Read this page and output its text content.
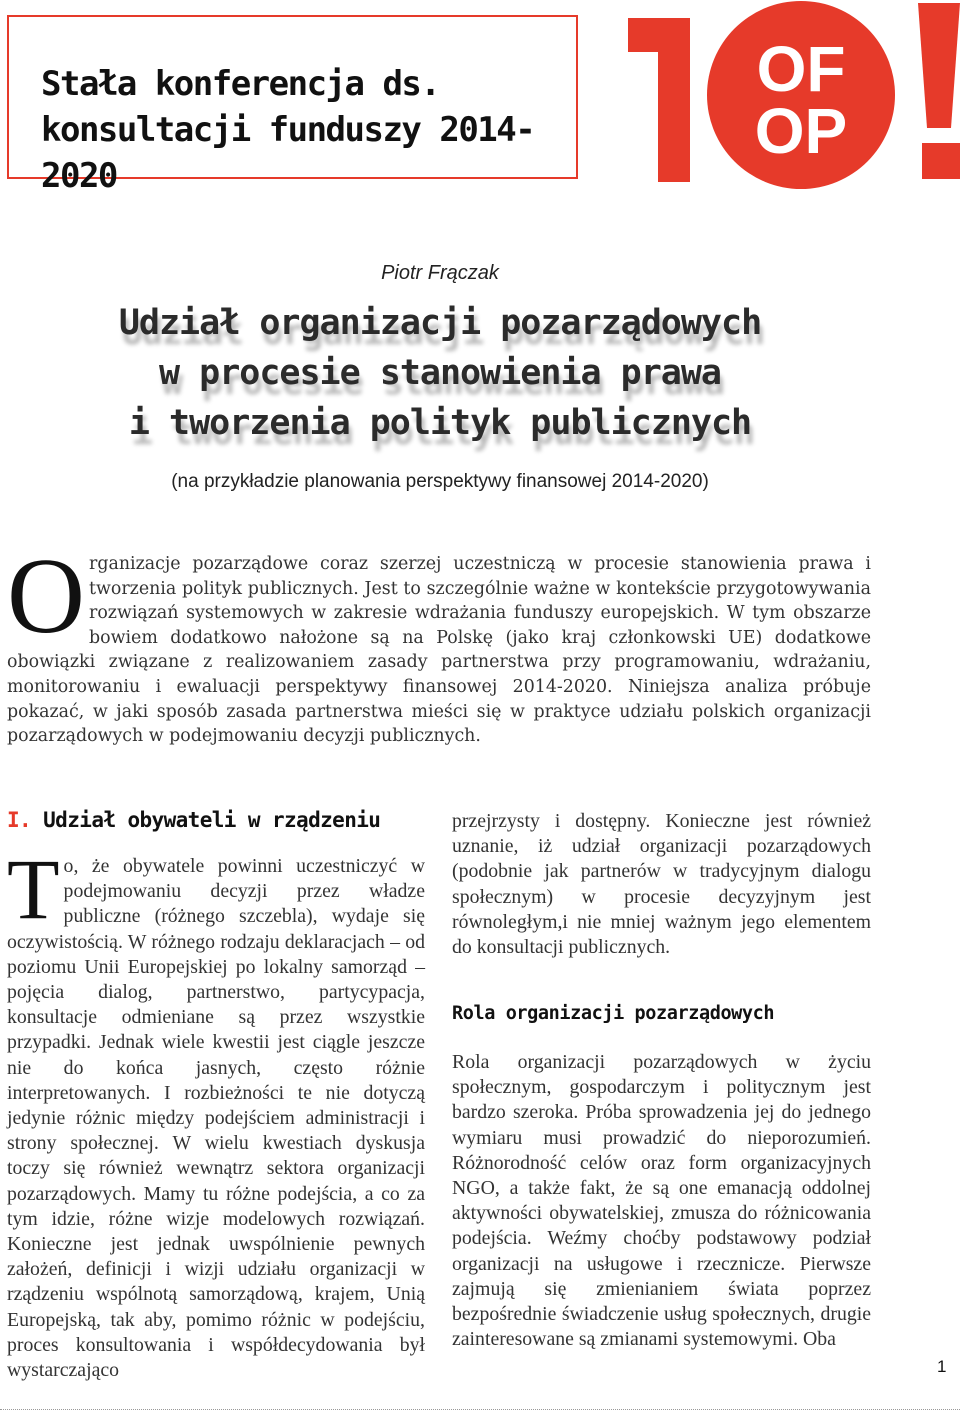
Stała konferencja ds.
konsultacji funduszy 2014-2020
OF
OP
Piotr Frączak
Udział organizacji pozarządowych
w procesie stanowienia prawa
i tworzenia polityk publicznych
(na przykładzie planowania perspektywy finansowej 2014-2020)
Organizacje pozarządowe coraz szerzej uczestniczą w procesie stanowienia prawa i tworzenia polityk publicznych. Jest to szczególnie ważne w kontekście przygotowywania rozwiązań systemowych w zakresie wdrażania funduszy europejskich. W tym obszarze bowiem dodatkowo nałożone są na Polskę (jako kraj członkowski UE) dodatkowe obowiązki związane z realizowaniem zasady partnerstwa przy programowaniu, wdrażaniu, monitorowaniu i ewaluacji perspektywy finansowej 2014-2020. Niniejsza analiza próbuje pokazać, w jaki sposób zasada partnerstwa mieści się w praktyce udziału polskich organizacji pozarządowych w podejmowaniu decyzji publicznych.
I. Udział obywateli w rządzeniu
To, że obywatele powinni uczestniczyć w podejmowaniu decyzji przez władze publiczne (różnego szczebla), wydaje się oczywistością. W różnego rodzaju deklaracjach – od poziomu Unii Europejskiej po lokalny samorząd – pojęcia dialog, partnerstwo, partycypacja, konsultacje odmieniane są przez wszystkie przypadki. Jednak wiele kwestii jest ciągle jeszcze nie do końca jasnych, często różnie interpretowanych. I rozbieżności te nie dotyczą jedynie różnic między podejściem administracji i strony społecznej. W wielu kwestiach dyskusja toczy się również wewnątrz sektora organizacji pozarządowych. Mamy tu różne podejścia, a co za tym idzie, różne wizje modelowych rozwiązań. Konieczne jest jednak uwspólnienie pewnych założeń, definicji i wizji udziału organizacji w rządzeniu wspólnotą samorządową, krajem, Unią Europejską, tak aby, pomimo różnic w podejściu, proces konsultowania i współdecydowania był wystarczająco
przejrzysty i dostępny. Konieczne jest również uznanie, iż udział organizacji pozarządowych (podobnie jak partnerów w tradycyjnym dialogu społecznym) w procesie decyzyjnym jest równoległym,i nie mniej ważnym jego elementem do konsultacji publicznych.
Rola organizacji pozarządowych
Rola organizacji pozarządowych w życiu społecznym, gospodarczym i politycznym jest bardzo szeroka. Próba sprowadzenia jej do jednego wymiaru musi prowadzić do nieporozumień. Różnorodność celów oraz form organizacyjnych NGO, a także fakt, że są one emanacją oddolnej aktywności obywatelskiej, zmusza do różnicowania podejścia. Weźmy choćby podstawowy podział organizacji na usługowe i rzecznicze. Pierwsze zajmują się zmienianiem świata poprzez bezpośrednie świadczenie usług społecznych, drugie zainteresowane są zmianami systemowymi. Oba
1
